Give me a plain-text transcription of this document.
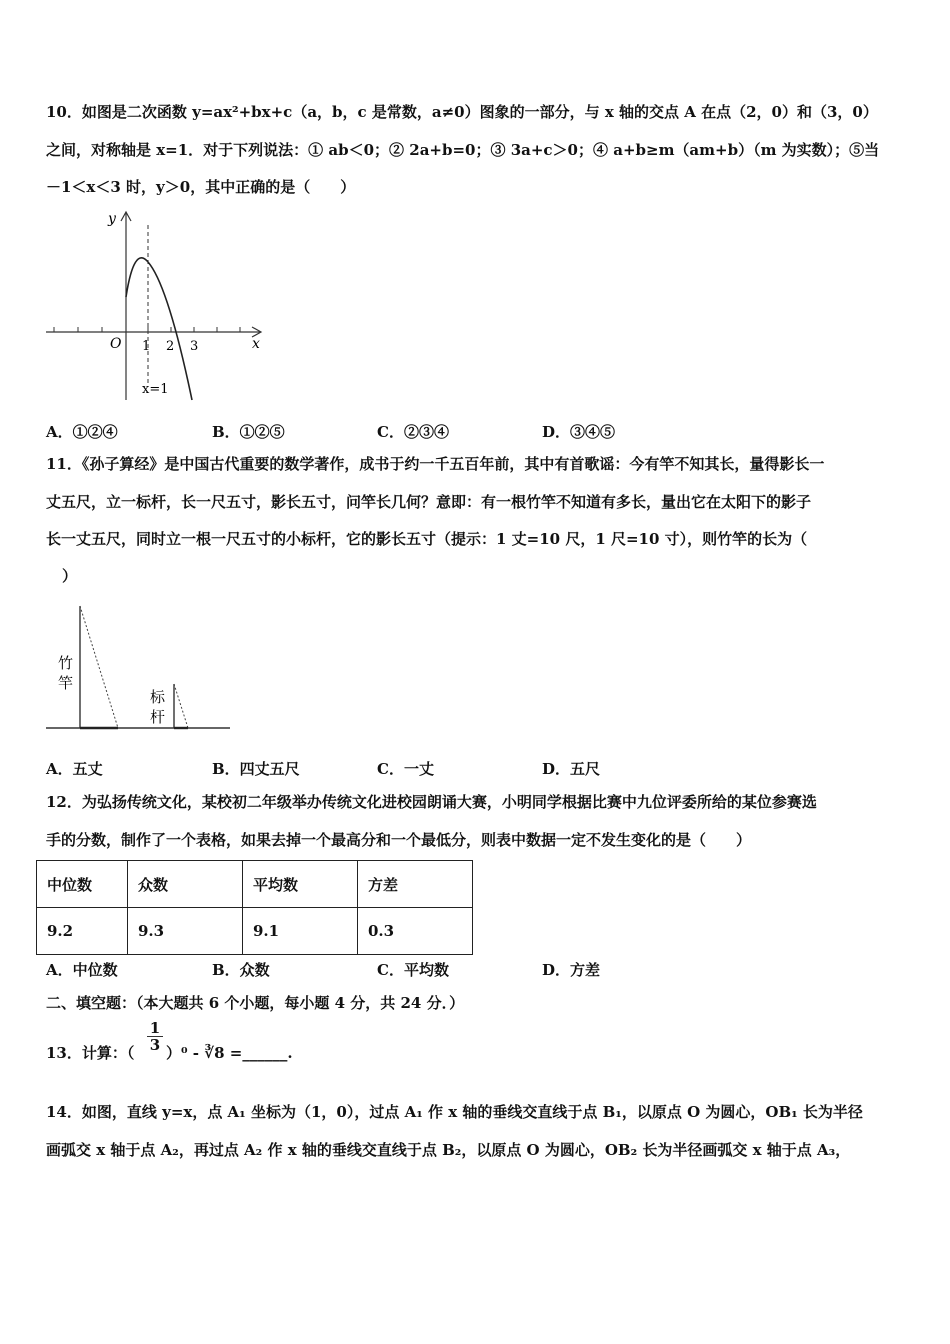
10．如图是二次函数 y=ax²+bx+c（a，b，c 是常数，a≠0）图象的一部分，与 x 轴的交点 A 在点（2，0）和（3，0）
之间，对称轴是 x=1．对于下列说法：① ab＜0；② 2a+b=0；③ 3a+c＞0；④ a+b≥m（am+b）（m 为实数）；⑤当
－1＜x＜3 时，y＞0，其中正确的是（　　）
y
x
O 1 2 3
x=1
A．①②④	B．①②⑤	C．②③④	D．③④⑤
11．《孙子算经》是中国古代重要的数学著作，成书于约一千五百年前，其中有首歌谣：今有竿不知其长，量得影长一
丈五尺，立一标杆，长一尺五寸，影长五寸，问竿长几何？意即：有一根竹竿不知道有多长，量出它在太阳下的影子
长一丈五尺，同时立一根一尺五寸的小标杆，它的影长五寸（提示：1 丈=10 尺，1 尺=10 寸），则竹竿的长为（
）
竹
竿
标
杆
A．五丈	B．四丈五尺	C．一丈	D．五尺
12．为弘扬传统文化，某校初二年级举办传统文化进校园朗诵大赛，小明同学根据比赛中九位评委所给的某位参赛选
手的分数，制作了一个表格，如果去掉一个最高分和一个最低分，则表中数据一定不发生变化的是（　　）
中位数	众数	平均数	方差
9.2	9.3	9.1	0.3
A．中位数	B．众数	C．平均数	D．方差
二、填空题：（本大题共 6 个小题，每小题 4 分，共 24 分．）
13．计算：（
1
3 ）⁰ - ∛8 =______.
14．如图，直线 y=x，点 A₁ 坐标为（1，0），过点 A₁ 作 x 轴的垂线交直线于点 B₁，以原点 O 为圆心，OB₁ 长为半径
画弧交 x 轴于点 A₂，再过点 A₂ 作 x 轴的垂线交直线于点 B₂，以原点 O 为圆心，OB₂ 长为半径画弧交 x 轴于点 A₃，
